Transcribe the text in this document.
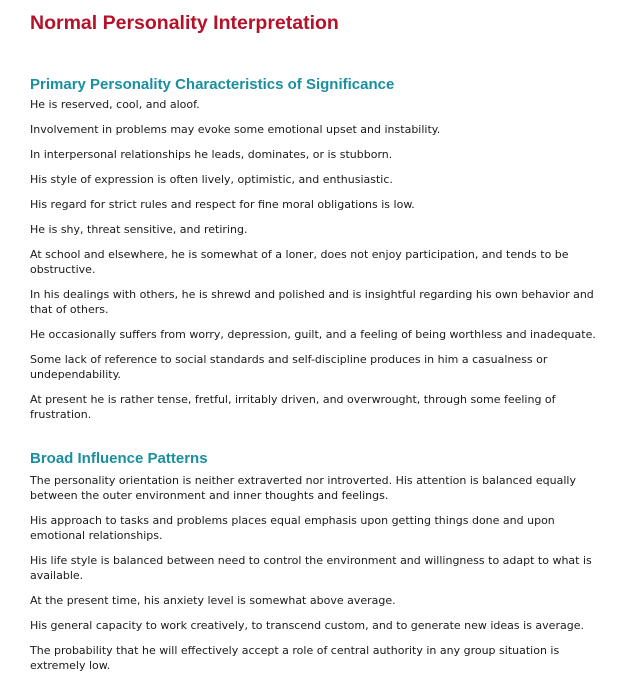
Normal Personality Interpretation
Primary Personality Characteristics of Significance

He is reserved, cool, and aloof.

Involvement in problems may evoke some emotional upset and instability.

In interpersonal relationships he leads, dominates, or is stubborn.

His style of expression is often lively, optimistic, and enthusiastic.

His regard for strict rules and respect for fine moral obligations is low.

He is shy, threat sensitive, and retiring.

At school and elsewhere, he is somewhat of a loner, does not enjoy participation, and tends to be obstructive.

In his dealings with others, he is shrewd and polished and is insightful regarding his own behavior and that of others.

He occasionally suffers from worry, depression, guilt, and a feeling of being worthless and inadequate.

Some lack of reference to social standards and self-discipline produces in him a casualness or undependability.

At present he is rather tense, fretful, irritably driven, and overwrought, through some feeling of frustration.

Broad Influence Patterns

The personality orientation is neither extraverted nor introverted. His attention is balanced equally between the outer environment and inner thoughts and feelings.

His approach to tasks and problems places equal emphasis upon getting things done and upon emotional relationships.

His life style is balanced between need to control the environment and willingness to adapt to what is available.

At the present time, his anxiety level is somewhat above average.

His general capacity to work creatively, to transcend custom, and to generate new ideas is average.

The probability that he will effectively accept a role of central authority in any group situation is extremely low.
